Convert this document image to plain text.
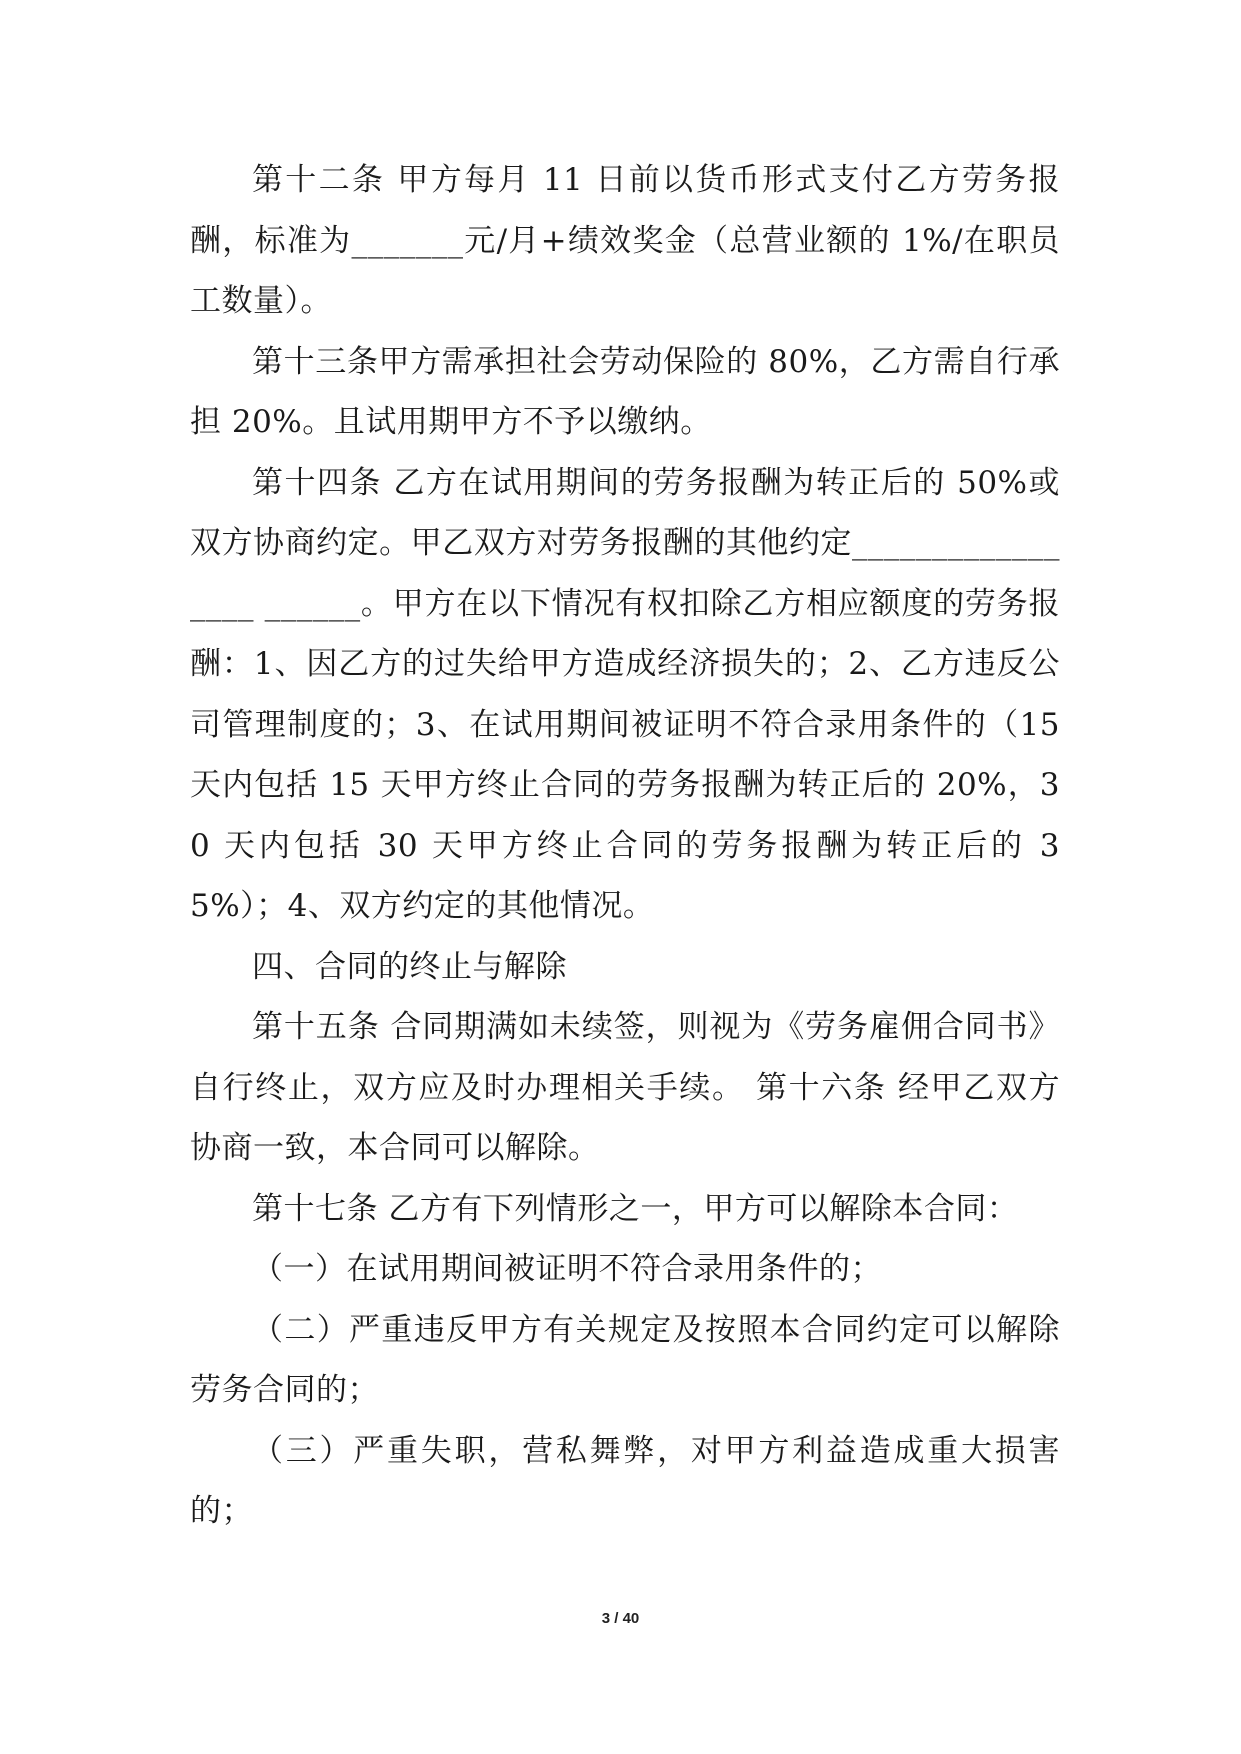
第十二条 甲方每月 11 日前以货币形式支付乙方劳务报酬，标准为_______元/月+绩效奖金（总营业额的 1%/在职员工数量）。

第十三条甲方需承担社会劳动保险的 80%，乙方需自行承担 20%。且试用期甲方不予以缴纳。

第十四条 乙方在试用期间的劳务报酬为转正后的 50%或双方协商约定。甲乙双方对劳务报酬的其他约定_________________ ______。甲方在以下情况有权扣除乙方相应额度的劳务报酬：1、因乙方的过失给甲方造成经济损失的；2、乙方违反公司管理制度的；3、在试用期间被证明不符合录用条件的（15 天内包括 15 天甲方终止合同的劳务报酬为转正后的 20%，30 天内包括 30 天甲方终止合同的劳务报酬为转正后的 35%）；4、双方约定的其他情况。

四、合同的终止与解除

第十五条 合同期满如未续签，则视为《劳务雇佣合同书》自行终止，双方应及时办理相关手续。 第十六条 经甲乙双方协商一致，本合同可以解除。

第十七条 乙方有下列情形之一，甲方可以解除本合同：

（一）在试用期间被证明不符合录用条件的；

（二）严重违反甲方有关规定及按照本合同约定可以解除劳务合同的；

（三）严重失职，营私舞弊，对甲方利益造成重大损害的；

3 / 40
